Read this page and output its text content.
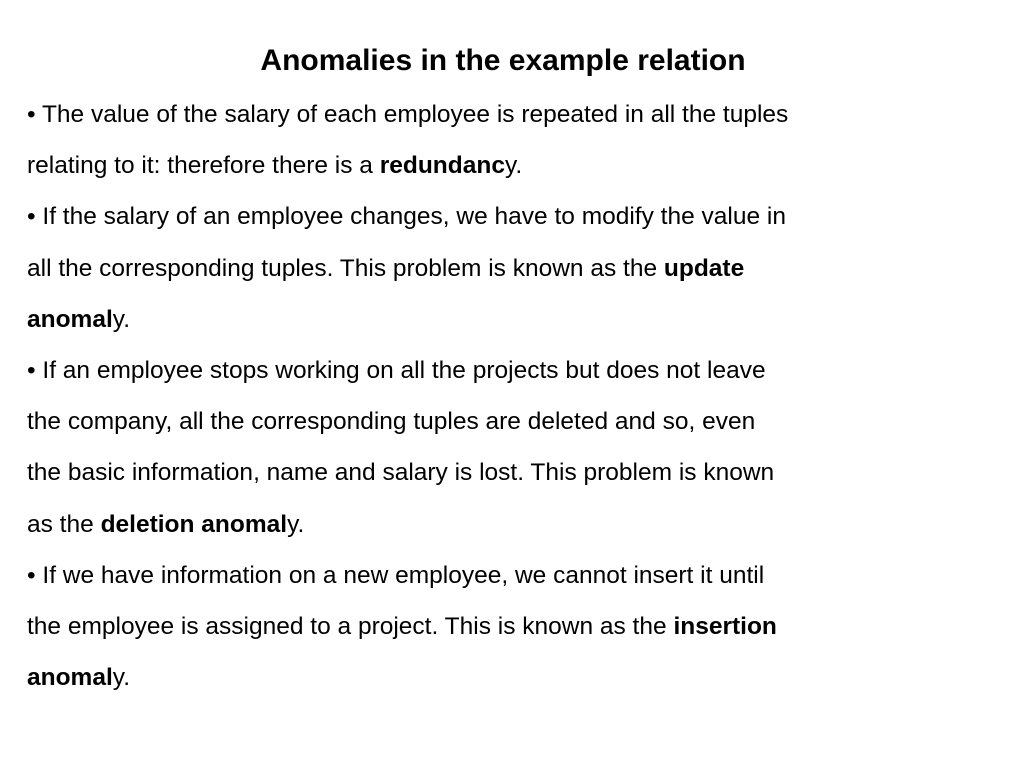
Anomalies in the example relation
• The value of the salary of each employee is repeated in all the tuples
relating to it: therefore there is a redundancy.
• If the salary of an employee changes, we have to modify the value in
all the corresponding tuples. This problem is known as the update
anomaly.
• If an employee stops working on all the projects but does not leave
the company, all the corresponding tuples are deleted and so, even
the basic information, name and salary is lost. This problem is known
as the deletion anomaly.
• If we have information on a new employee, we cannot insert it until
the employee is assigned to a project. This is known as the insertion
anomaly.
